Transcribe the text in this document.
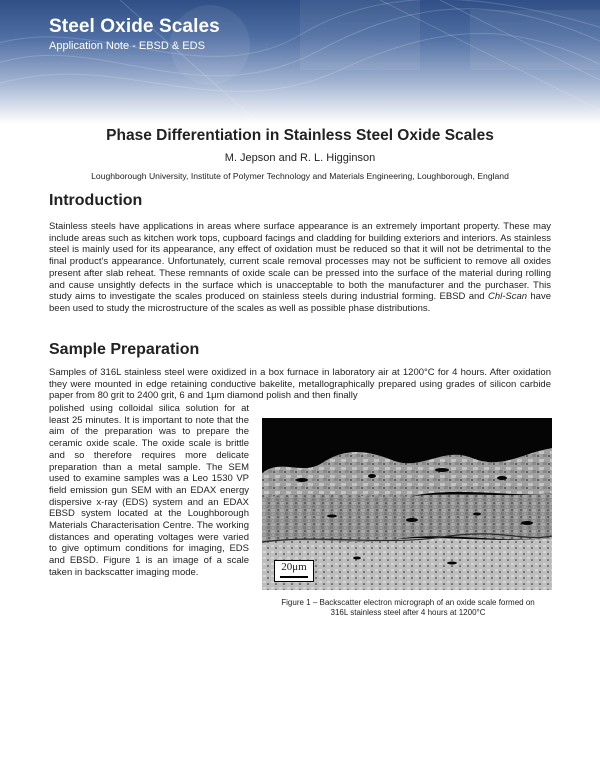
Steel Oxide Scales
Application Note - EBSD & EDS
Phase Differentiation in Stainless Steel Oxide Scales
M. Jepson and R. L. Higginson
Loughborough University, Institute of Polymer Technology and Materials Engineering, Loughborough, England
Introduction

Stainless steels have applications in areas where surface appearance is an extremely important property. These may include areas such as kitchen work tops, cupboard facings and cladding for building exteriors and interiors. As stainless steel is mainly used for its appearance, any effect of oxidation must be reduced so that it will not be detrimental to the final product’s appearance. Unfortunately, current scale removal processes may not be sufficient to remove all oxides present after slab reheat. These remnants of oxide scale can be pressed into the surface of the material during rolling and cause unsightly defects in the surface which is unacceptable to both the manufacturer and the purchaser. This study aims to investigate the scales produced on stainless steels during industrial forming. EBSD and Chl-Scan have been used to study the microstructure of the scales as well as possible phase distributions.

Sample Preparation

Samples of 316L stainless steel were oxidized in a box furnace in laboratory air at 1200°C for 4 hours. After oxidation they were mounted in edge retaining conductive bakelite, metallographically prepared using grades of silicon carbide paper from 80 grit to 2400 grit, 6 and 1μm diamond polish and then finally

polished using colloidal silica solution for at least 25 minutes. It is important to note that the aim of the preparation was to prepare the ceramic oxide scale. The oxide scale is brittle and so therefore requires more delicate preparation than a metal sample. The SEM used to examine samples was a Leo 1530 VP field emission gun SEM with an EDAX energy dispersive x-ray (EDS) system and an EDAX EBSD system located at the Loughborough Materials Characterisation Centre. The working distances and operating voltages were varied to give optimum conditions for imaging, EDS and EBSD. Figure 1 is an image of a scale taken in backscatter imaging mode.	20μm
Figure 1 – Backscatter electron micrograph of an oxide scale formed on
316L stainless steel after 4 hours at 1200°C
